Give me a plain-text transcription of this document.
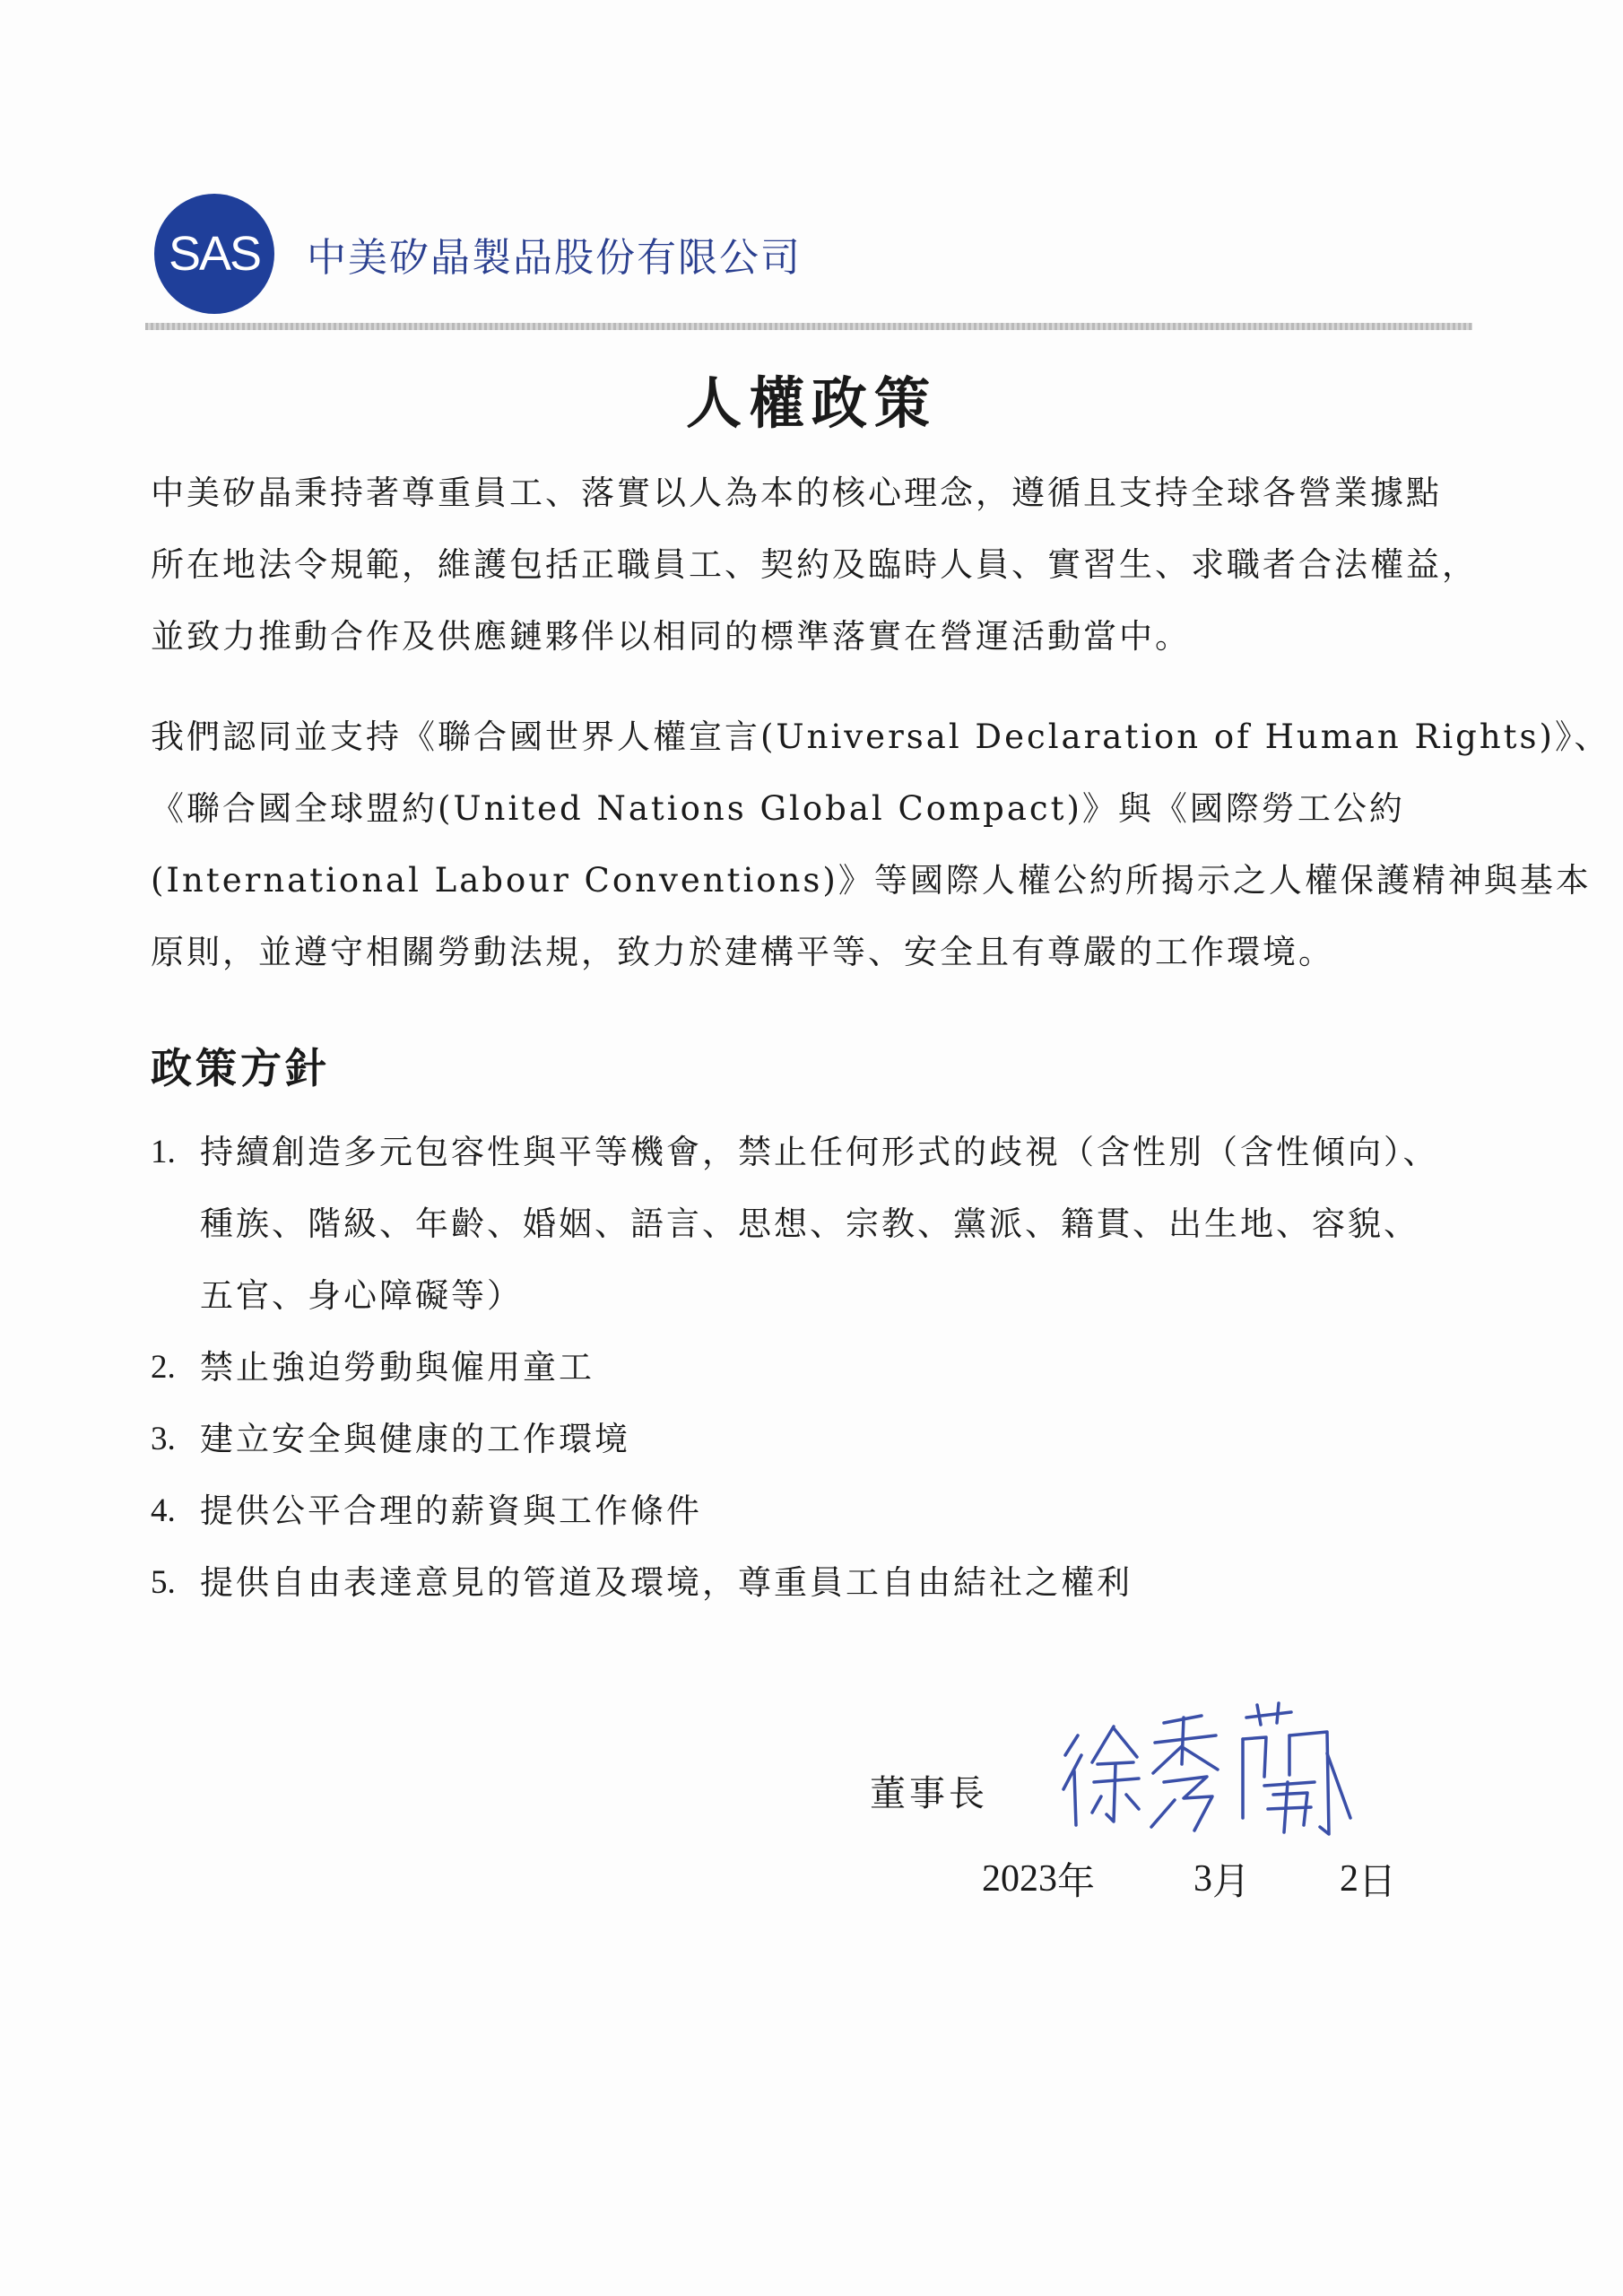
SAS 中美矽晶製品股份有限公司
人權政策
中美矽晶秉持著尊重員工、落實以人為本的核心理念，遵循且支持全球各營業據點
所在地法令規範，維護包括正職員工、契約及臨時人員、實習生、求職者合法權益，
並致力推動合作及供應鏈夥伴以相同的標準落實在營運活動當中。
我們認同並支持《聯合國世界人權宣言(Universal Declaration of Human Rights)》、
《聯合國全球盟約(United Nations Global Compact)》與《國際勞工公約
(International Labour Conventions)》等國際人權公約所揭示之人權保護精神與基本
原則，並遵守相關勞動法規，致力於建構平等、安全且有尊嚴的工作環境。
政策方針
1. 持續創造多元包容性與平等機會，禁止任何形式的歧視（含性別（含性傾向）、
種族、階級、年齡、婚姻、語言、思想、宗教、黨派、籍貫、出生地、容貌、
五官、身心障礙等）
2. 禁止強迫勞動與僱用童工
3. 建立安全與健康的工作環境
4. 提供公平合理的薪資與工作條件
5. 提供自由表達意見的管道及環境，尊重員工自由結社之權利
董事長
2023 年	3 月 2 日
